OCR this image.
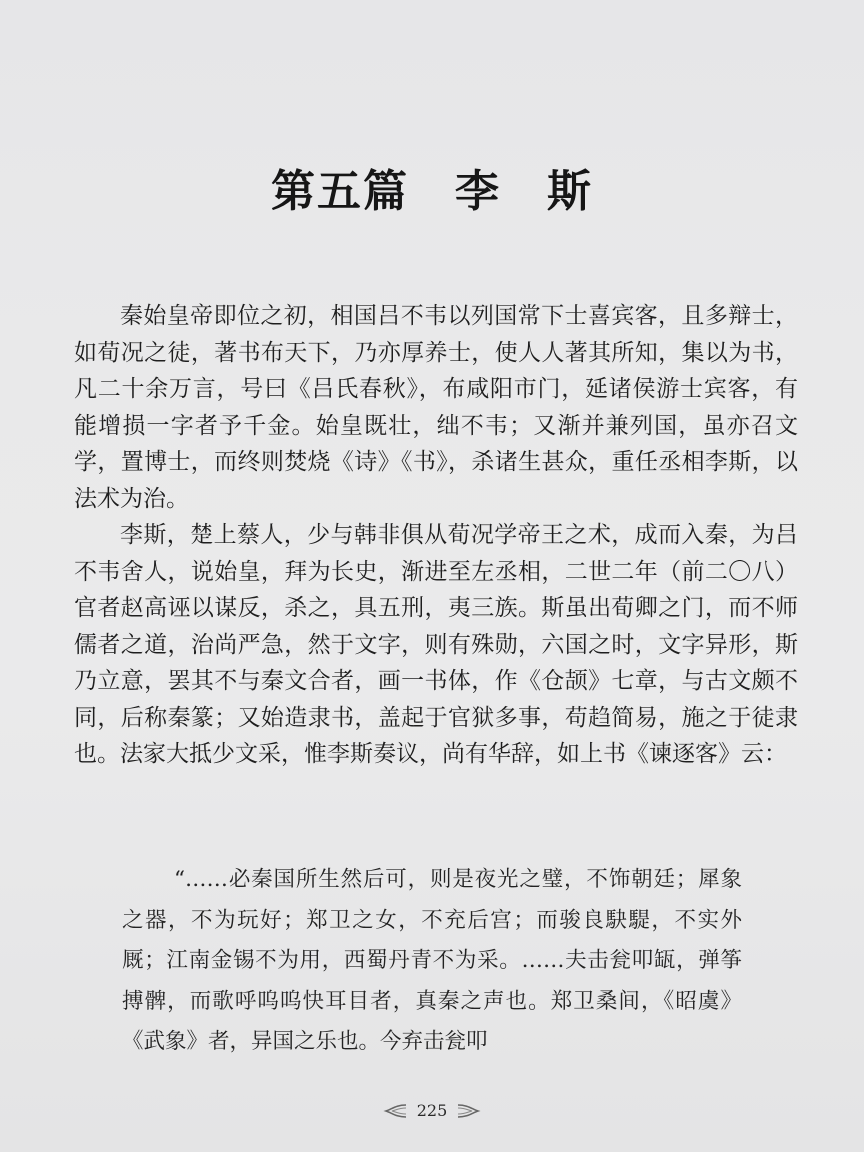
第五篇　李　斯

秦始皇帝即位之初，相国吕不韦以列国常下士喜宾客，且多辩士，如荀况之徒，著书布天下，乃亦厚养士，使人人著其所知，集以为书，凡二十余万言，号曰《吕氏春秋》，布咸阳市门，延诸侯游士宾客，有能增损一字者予千金。始皇既壮，绌不韦；又渐并兼列国，虽亦召文学，置博士，而终则焚烧《诗》《书》，杀诸生甚众，重任丞相李斯，以法术为治。

李斯，楚上蔡人，少与韩非俱从荀况学帝王之术，成而入秦，为吕不韦舍人，说始皇，拜为长史，渐进至左丞相，二世二年（前二〇八）官者赵高诬以谋反，杀之，具五刑，夷三族。斯虽出荀卿之门，而不师儒者之道，治尚严急，然于文字，则有殊勋，六国之时，文字异形，斯乃立意，罢其不与秦文合者，画一书体，作《仓颉》七章，与古文颇不同，后称秦篆；又始造隶书，盖起于官狱多事，苟趋简易，施之于徒隶也。法家大抵少文采，惟李斯奏议，尚有华辞，如上书《谏逐客》云：

“……必秦国所生然后可，则是夜光之璧，不饰朝廷；犀象之器，不为玩好；郑卫之女，不充后宫；而骏良駃騠，不实外厩；江南金锡不为用，西蜀丹青不为采。……夫击瓮叩缻，弹筝搏髀，而歌呼呜呜快耳目者，真秦之声也。郑卫桑间，《昭虞》《武象》者，异国之乐也。今弃击瓮叩

225
